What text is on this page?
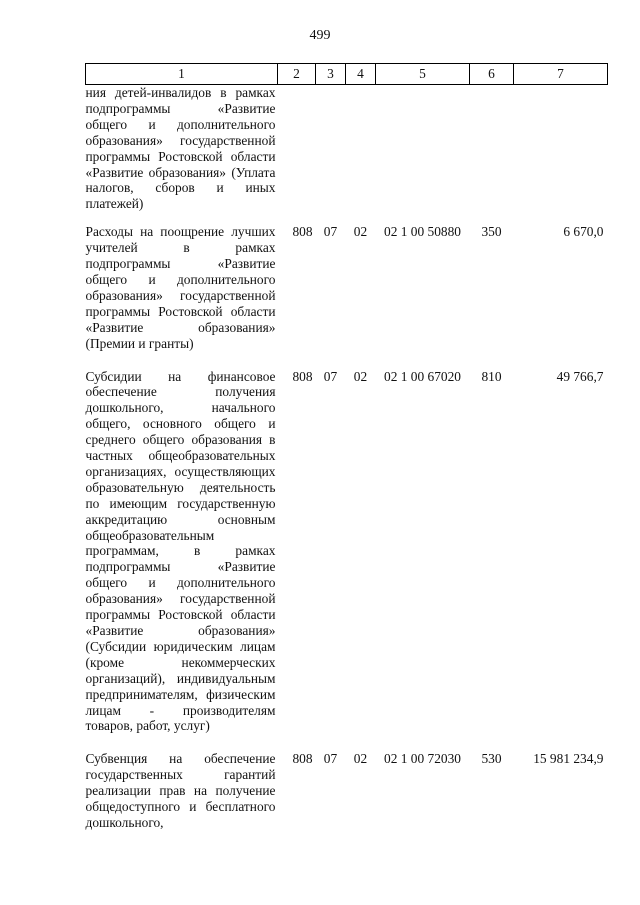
499
1	2	3	4	5	6	7
ния детей-инвалидов в рамках подпрограммы «Развитие общего и дополнительного образования» государственной программы Ростовской области «Развитие образования» (Уплата налогов, сборов и иных платежей)						
Расходы на поощрение лучших учителей в рамках подпрограммы «Развитие общего и дополнительного образования» государственной программы Ростовской области «Развитие образования» (Премии и гранты)	808	07	02	02 1 00 50880	350	6 670,0
Субсидии на финансовое обеспечение получения дошкольного, начального общего, основного общего и среднего общего образования в частных общеобразовательных организациях, осуществляющих образовательную деятельность по имеющим государственную аккредитацию основным общеобразовательным программам, в рамках подпрограммы «Развитие общего и дополнительного образования» государственной программы Ростовской области «Развитие образования» (Субсидии юридическим лицам (кроме некоммерческих организаций), индивидуальным предпринимателям, физическим лицам - производителям товаров, работ, услуг)	808	07	02	02 1 00 67020	810	49 766,7
Субвенция на обеспечение государственных гарантий реализации прав на получение общедоступного и бесплатного дошкольного,	808	07	02	02 1 00 72030	530	15 981 234,9
